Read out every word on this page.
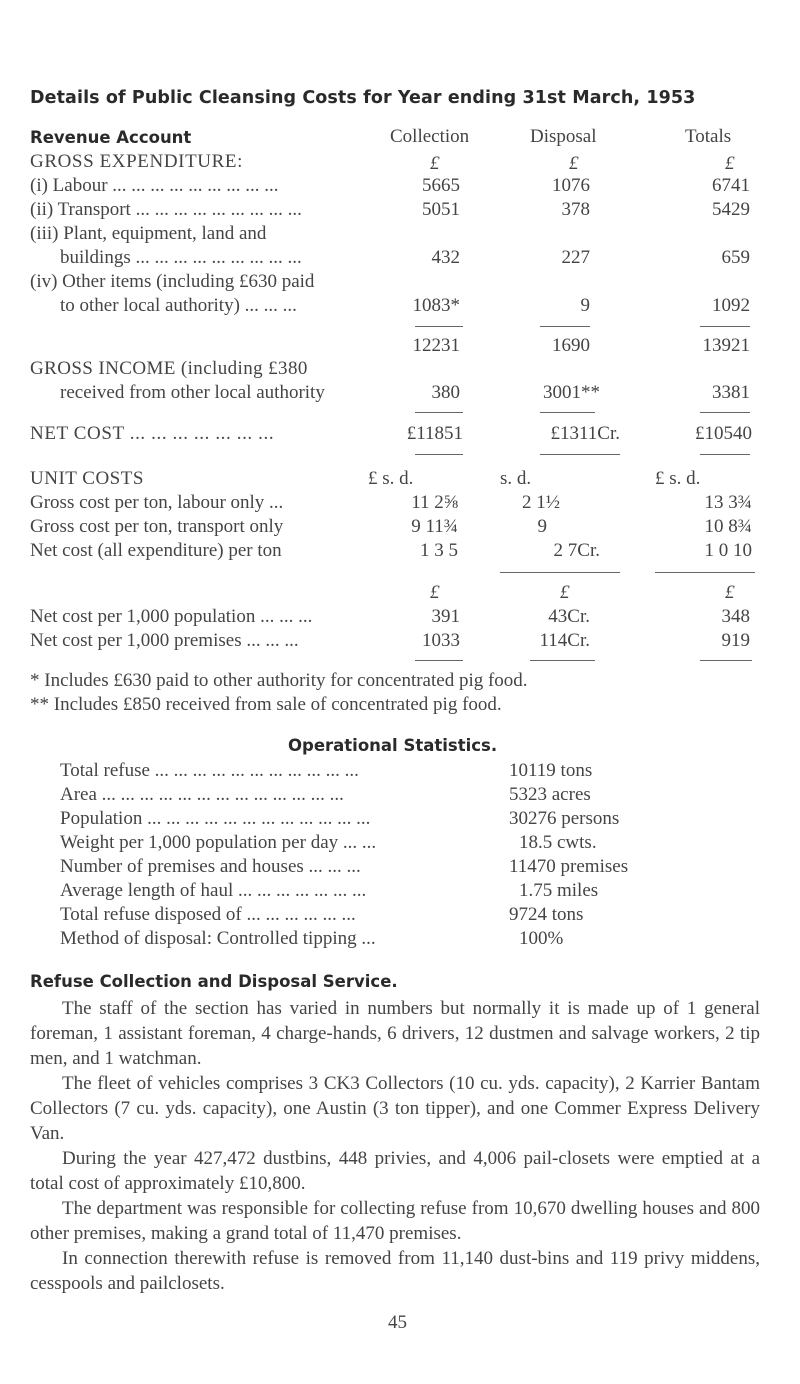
Details of Public Cleansing Costs for Year ending 31st March, 1953
Revenue Account	Collection	Disposal	Totals
GROSS EXPENDITURE:	£	£	£
(i) Labour ... ... ... ... ... ... ... ... ...	5665	1076	6741
(ii) Transport ... ... ... ... ... ... ... ... ...	5051	378	5429
(iii) Plant, equipment, land and
buildings ... ... ... ... ... ... ... ... ...	432	227	659
(iv) Other items (including £630 paid
to other local authority) ... ... ...	1083*	9	1092
12231	1690	13921
GROSS INCOME (including £380
received from other local authority	380	3001**	3381
NET COST ... ... ... ... ... ... ...	£11851	£1311Cr.	£10540
UNIT COSTS	£ s. d.	s. d.	£ s. d.
Gross cost per ton, labour only ...	11 2⅝	2 1½	13 3¾
Gross cost per ton, transport only	9 11¾	9	10 8¾
Net cost (all expenditure) per ton	1 3 5	2 7Cr.	1 0 10
£	£	£
Net cost per 1,000 population ... ... ...	391	43Cr.	348
Net cost per 1,000 premises ... ... ...	1033	114Cr.	919
* Includes £630 paid to other authority for concentrated pig food.
** Includes £850 received from sale of concentrated pig food.
Operational Statistics.
Total refuse ... ... ... ... ... ... ... ... ... ... ...	10119 tons
Area ... ... ... ... ... ... ... ... ... ... ... ... ...	5323 acres
Population ... ... ... ... ... ... ... ... ... ... ... ...	30276 persons
Weight per 1,000 population per day ... ...	18.5 cwts.
Number of premises and houses ... ... ...	11470 premises
Average length of haul ... ... ... ... ... ... ...	1.75 miles
Total refuse disposed of ... ... ... ... ... ...	9724 tons
Method of disposal: Controlled tipping ...	100%
Refuse Collection and Disposal Service.

The staff of the section has varied in numbers but normally it is made up of 1 general foreman, 1 assistant foreman, 4 charge-hands, 6 drivers, 12 dustmen and salvage workers, 2 tip men, and 1 watchman.

The fleet of vehicles comprises 3 CK3 Collectors (10 cu. yds. capacity), 2 Karrier Bantam Collectors (7 cu. yds. capacity), one Austin (3 ton tipper), and one Commer Express Delivery Van.

During the year 427,472 dustbins, 448 privies, and 4,006 pail-closets were emptied at a total cost of approximately £10,800.

The department was responsible for collecting refuse from 10,670 dwelling houses and 800 other premises, making a grand total of 11,470 premises.

In connection therewith refuse is removed from 11,140 dust-bins and 119 privy middens, cesspools and pailclosets.

45
